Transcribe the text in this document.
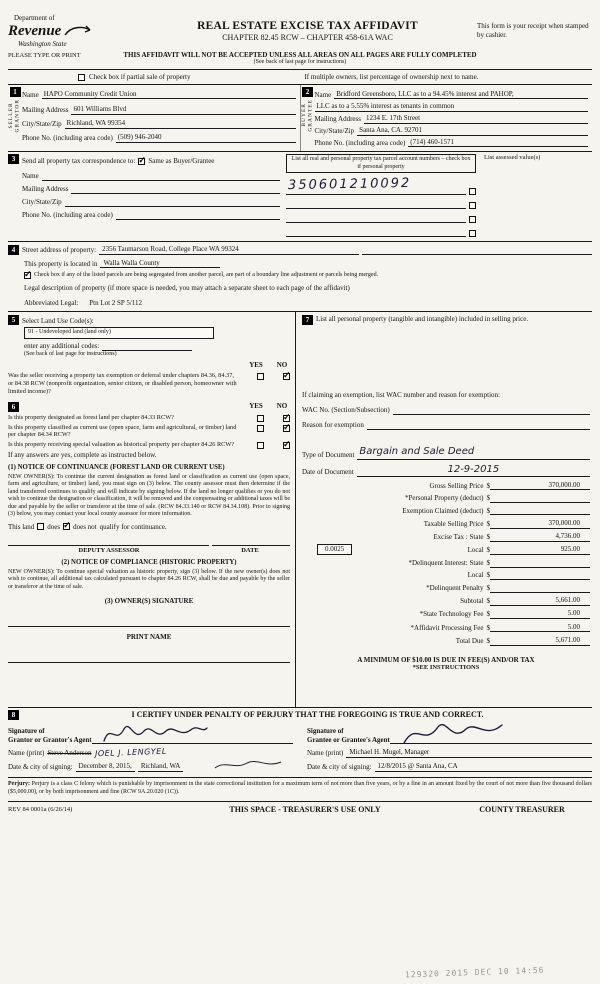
Department of
Revenue
Washington State
REAL ESTATE EXCISE TAX AFFIDAVIT
CHAPTER 82.45 RCW – CHAPTER 458-61A WAC
This form is your receipt when stamped by cashier.
PLEASE TYPE OR PRINT	THIS AFFIDAVIT WILL NOT BE ACCEPTED UNLESS ALL AREAS ON ALL PAGES ARE FULLY COMPLETED
(See back of last page for instructions)
Check box if partial sale of property	If multiple owners, list percentage of ownership next to name.
1
SELLER
GRANTOR
Name HAPO Community Credit Union
Mailing Address 601 Williams Blvd
City/State/Zip Richland, WA 99354
Phone No. (including area code) (509) 946-2040
2
BUYER
GRANTEE
Name Bridford Greensboro, LLC as to a 94.45% interest and PAHOP,
LLC as to a 5.55% interest as tenants in common
Mailing Address 1234 E. 17th Street
City/State/Zip Santa Ana, CA. 92701
Phone No. (including area code) (714) 460-1571
3 Send all property tax correspondence to: ✓ Same as Buyer/Grantee
Name
Mailing Address
City/State/Zip
Phone No. (including area code)
List all real and personal property tax parcel account numbers – check box if personal property
350601210092
List assessed value(s)
4 Street address of property: 2356 Taumarson Road, College Place WA 99324
This property is located in Walla Walla County
✓ Check box if any of the listed parcels are being segregated from another parcel, are part of a boundary line adjustment or parcels being merged.
Legal description of property (if more space is needed, you may attach a separate sheet to each page of the affidavit)
Abbreviated Legal: Ptn Lot 2 SP 5/112
5 Select Land Use Code(s):
91 - Undeveloped land (land only)
enter any additional codes:
(See back of last page for instructions)
YES	NO
Was the seller receiving a property tax exemption or deferral under chapters 84.36, 84.37, or 84.38 RCW (nonprofit organization, senior citizen, or disabled person, homeowner with limited income)?
✓
6	YES	NO
Is this property designated as forest land per chapter 84.33 RCW?	✓
Is this property classified as current use (open space, farm and agricultural, or timber) land per chapter 84.34 RCW?
✓
Is this property receiving special valuation as historical property per chapter 84.26 RCW?	✓
If any answers are yes, complete as instructed below.
(1) NOTICE OF CONTINUANCE (FOREST LAND OR CURRENT USE)
NEW OWNER(S): To continue the current designation as forest land or classification as current use (open space, farm and agriculture, or timber) land, you must sign on (3) below. The county assessor must then determine if the land transferred continues to qualify and will indicate by signing below. If the land no longer qualifies or you do not wish to continue the designation or classification, it will be removed and the compensating or additional taxes will be due and payable by the seller or transferor at the time of sale. (RCW 84.33.140 or RCW 84.34.108). Prior to signing (3) below, you may contact your local county assessor for more information.
This land does ✓ does not qualify for continuance.
DEPUTY ASSESSOR	DATE
(2) NOTICE OF COMPLIANCE (HISTORIC PROPERTY)
NEW OWNER(S): To continue special valuation as historic property, sign (3) below. If the new owner(s) does not wish to continue, all additional tax calculated pursuant to chapter 84.26 RCW, shall be due and payable by the seller or transferor at the time of sale.
(3) OWNER(S) SIGNATURE
PRINT NAME
7 List all personal property (tangible and intangible) included in selling price.
If claiming an exemption, list WAC number and reason for exemption:
WAC No. (Section/Subsection)
Reason for exemption
Type of Document Bargain and Sale Deed
Date of Document	12-9-2015
Gross Selling Price $	370,000.00
*Personal Property (deduct) $
Exemption Claimed (deduct) $
Taxable Selling Price $	370,000.00
Excise Tax : State $	4,736.00
0.0025	Local $	925.00
*Delinquent Interest: State $
Local $
*Delinquent Penalty $
Subtotal $	5,661.00
*State Technology Fee $	5.00
*Affidavit Processing Fee $	5.00
Total Due $	5,671.00
A MINIMUM OF $10.00 IS DUE IN FEE(S) AND/OR TAX
*SEE INSTRUCTIONS
8	I CERTIFY UNDER PENALTY OF PERJURY THAT THE FOREGOING IS TRUE AND CORRECT.
Signature of
Grantor or Grantor's Agent
Name (print) Steve Anderson JOEL J. LENGYEL
Date & city of signing: December 8, 2015,	Richland, WA
Signature of
Grantee or Grantee's Agent
Name (print) Michael H. Mugel, Manager
Date & city of signing: 12/8/2015 @ Santa Ana, CA
Perjury: Perjury is a class C felony which is punishable by imprisonment in the state correctional institution for a maximum term of not more than five years, or by a fine in an amount fixed by the court of not more than five thousand dollars ($5,000.00), or by both imprisonment and fine (RCW 9A.20.020 (1C)).
REV 84 0001a (6/26/14)	THIS SPACE - TREASURER'S USE ONLY	COUNTY TREASURER
129320 2015 DEC 10 14:56
